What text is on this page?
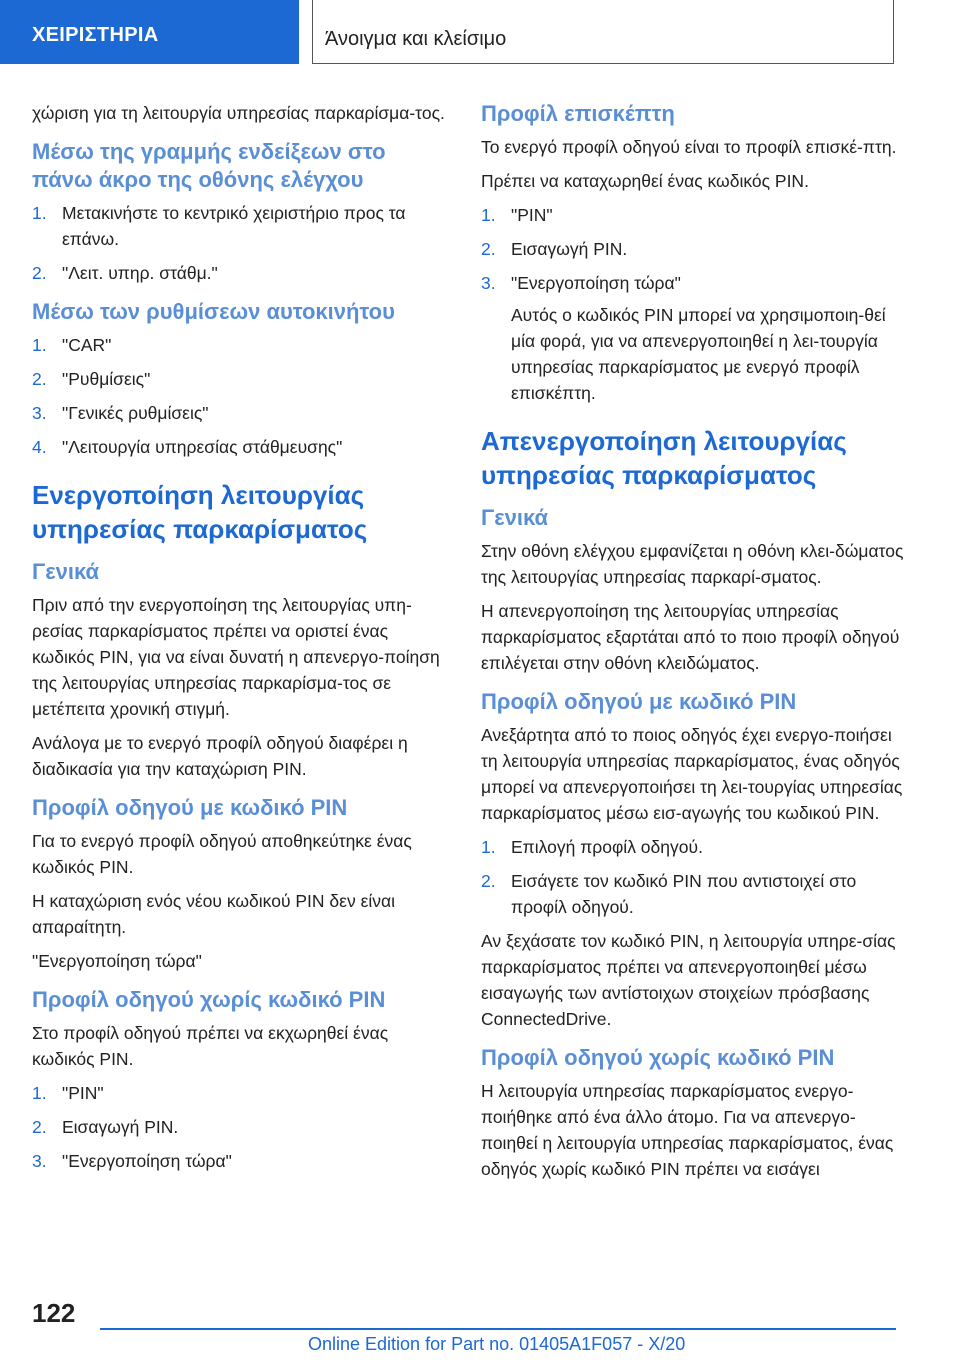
ΧΕΙΡΙΣΤΗΡΙΑ	Άνοιγμα και κλείσιμο

χώριση για τη λειτουργία υπηρεσίας παρκαρίσμα-τος.

Μέσω της γραμμής ενδείξεων στο πάνω άκρο της οθόνης ελέγχου
1. Μετακινήστε το κεντρικό χειριστήριο προς τα επάνω.
2. "Λειτ. υπηρ. στάθμ."
Μέσω των ρυθμίσεων αυτοκινήτου
1. "CAR"
2. "Ρυθμίσεις"
3. "Γενικές ρυθμίσεις"
4. "Λειτουργία υπηρεσίας στάθμευσης"
Ενεργοποίηση λειτουργίας υπηρεσίας παρκαρίσματος
Γενικά

Πριν από την ενεργοποίηση της λειτουργίας υπη-ρεσίας παρκαρίσματος πρέπει να οριστεί ένας κωδικός PIN, για να είναι δυνατή η απενεργο-ποίηση της λειτουργίας υπηρεσίας παρκαρίσμα-τος σε μετέπειτα χρονική στιγμή.

Ανάλογα με το ενεργό προφίλ οδηγού διαφέρει η διαδικασία για την καταχώριση PIN.

Προφίλ οδηγού με κωδικό PIN

Για το ενεργό προφίλ οδηγού αποθηκεύτηκε ένας κωδικός PIN.

Η καταχώριση ενός νέου κωδικού PIN δεν είναι απαραίτητη.

"Ενεργοποίηση τώρα"

Προφίλ οδηγού χωρίς κωδικό PIN

Στο προφίλ οδηγού πρέπει να εκχωρηθεί ένας κωδικός PIN.

1. "PIN"
2. Εισαγωγή PIN.
3. "Ενεργοποίηση τώρα"
Προφίλ επισκέπτη

Το ενεργό προφίλ οδηγού είναι το προφίλ επισκέ-πτη.

Πρέπει να καταχωρηθεί ένας κωδικός PIN.

1. "PIN"
2. Εισαγωγή PIN.
3. "Ενεργοποίηση τώρα"
Αυτός ο κωδικός PIN μπορεί να χρησιμοποιη-θεί μία φορά, για να απενεργοποιηθεί η λει-τουργία υπηρεσίας παρκαρίσματος με ενεργό προφίλ επισκέπτη.
Απενεργοποίηση λειτουργίας υπηρεσίας παρκαρίσματος
Γενικά

Στην οθόνη ελέγχου εμφανίζεται η οθόνη κλει-δώματος της λειτουργίας υπηρεσίας παρκαρί-σματος.

Η απενεργοποίηση της λειτουργίας υπηρεσίας παρκαρίσματος εξαρτάται από το ποιο προφίλ οδηγού επιλέγεται στην οθόνη κλειδώματος.

Προφίλ οδηγού με κωδικό PIN

Ανεξάρτητα από το ποιος οδηγός έχει ενεργο-ποιήσει τη λειτουργία υπηρεσίας παρκαρίσματος, ένας οδηγός μπορεί να απενεργοποιήσει τη λει-τουργίας υπηρεσίας παρκαρίσματος μέσω εισ-αγωγής του κωδικού PIN.

1. Επιλογή προφίλ οδηγού.
2. Εισάγετε τον κωδικό PIN που αντιστοιχεί στο προφίλ οδηγού.

Αν ξεχάσατε τον κωδικό PIN, η λειτουργία υπηρε-σίας παρκαρίσματος πρέπει να απενεργοποιηθεί μέσω εισαγωγής των αντίστοιχων στοιχείων πρόσβασης ConnectedDrive.

Προφίλ οδηγού χωρίς κωδικό PIN

Η λειτουργία υπηρεσίας παρκαρίσματος ενεργο-ποιήθηκε από ένα άλλο άτομο. Για να απενεργο-ποιηθεί η λειτουργία υπηρεσίας παρκαρίσματος, ένας οδηγός χωρίς κωδικό PIN πρέπει να εισάγει

122
Online Edition for Part no. 01405A1F057 - X/20
